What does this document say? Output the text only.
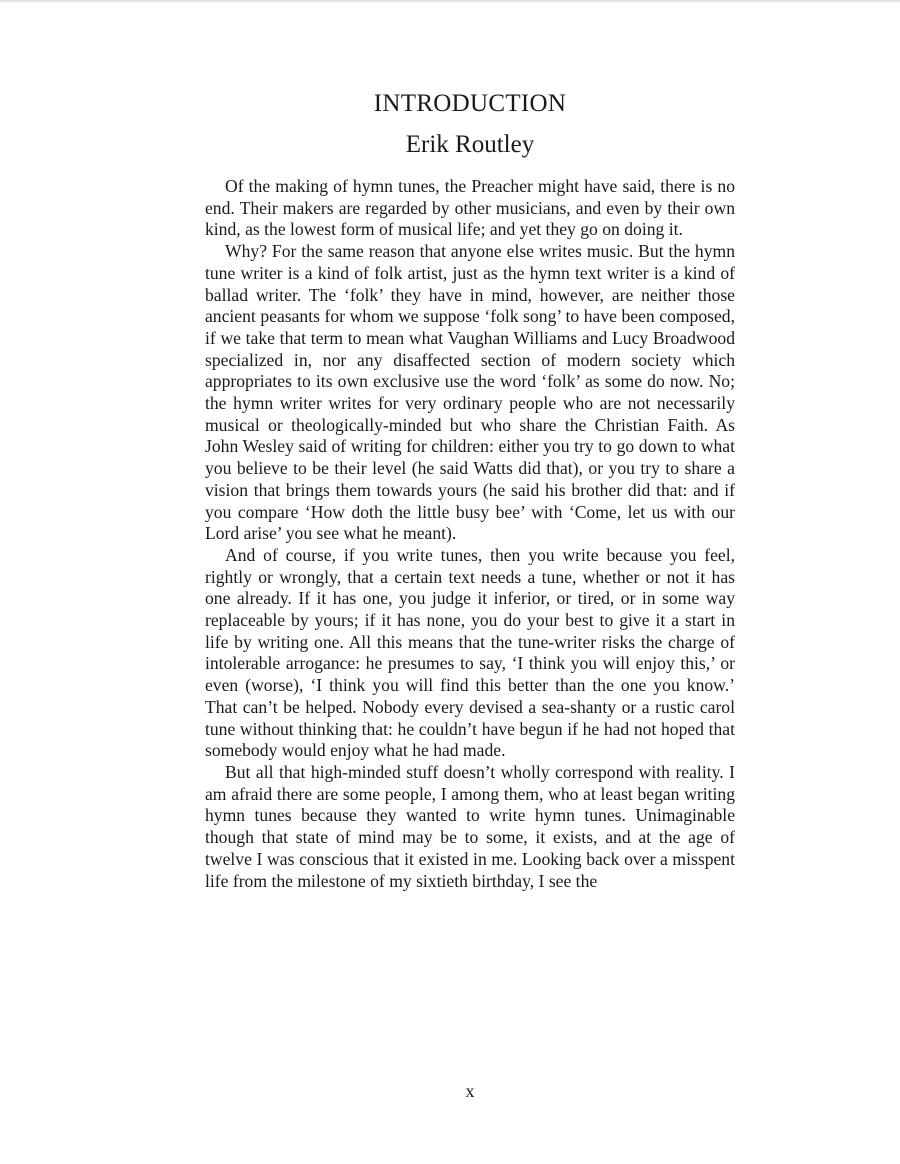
INTRODUCTION
Erik Routley

Of the making of hymn tunes, the Preacher might have said, there is no end. Their makers are regarded by other musicians, and even by their own kind, as the lowest form of musical life; and yet they go on doing it.

Why? For the same reason that anyone else writes music. But the hymn tune writer is a kind of folk artist, just as the hymn text writer is a kind of ballad writer. The ‘folk’ they have in mind, however, are neither those ancient peasants for whom we suppose ‘folk song’ to have been composed, if we take that term to mean what Vaughan Williams and Lucy Broadwood specialized in, nor any disaffected section of modern society which appropriates to its own exclusive use the word ‘folk’ as some do now. No; the hymn writer writes for very ordinary people who are not necessarily musical or theologically-minded but who share the Christian Faith. As John Wesley said of writing for children: either you try to go down to what you believe to be their level (he said Watts did that), or you try to share a vision that brings them towards yours (he said his brother did that: and if you compare ‘How doth the little busy bee’ with ‘Come, let us with our Lord arise’ you see what he meant).

And of course, if you write tunes, then you write because you feel, rightly or wrongly, that a certain text needs a tune, whether or not it has one already. If it has one, you judge it inferior, or tired, or in some way replaceable by yours; if it has none, you do your best to give it a start in life by writing one. All this means that the tune-writer risks the charge of intolerable arrogance: he presumes to say, ‘I think you will enjoy this,’ or even (worse), ‘I think you will find this better than the one you know.’ That can’t be helped. Nobody every devised a sea-shanty or a rustic carol tune without thinking that: he couldn’t have begun if he had not hoped that somebody would enjoy what he had made.

But all that high-minded stuff doesn’t wholly correspond with reality. I am afraid there are some people, I among them, who at least began writing hymn tunes because they wanted to write hymn tunes. Unimaginable though that state of mind may be to some, it exists, and at the age of twelve I was conscious that it existed in me. Looking back over a misspent life from the milestone of my sixtieth birthday, I see the

x
